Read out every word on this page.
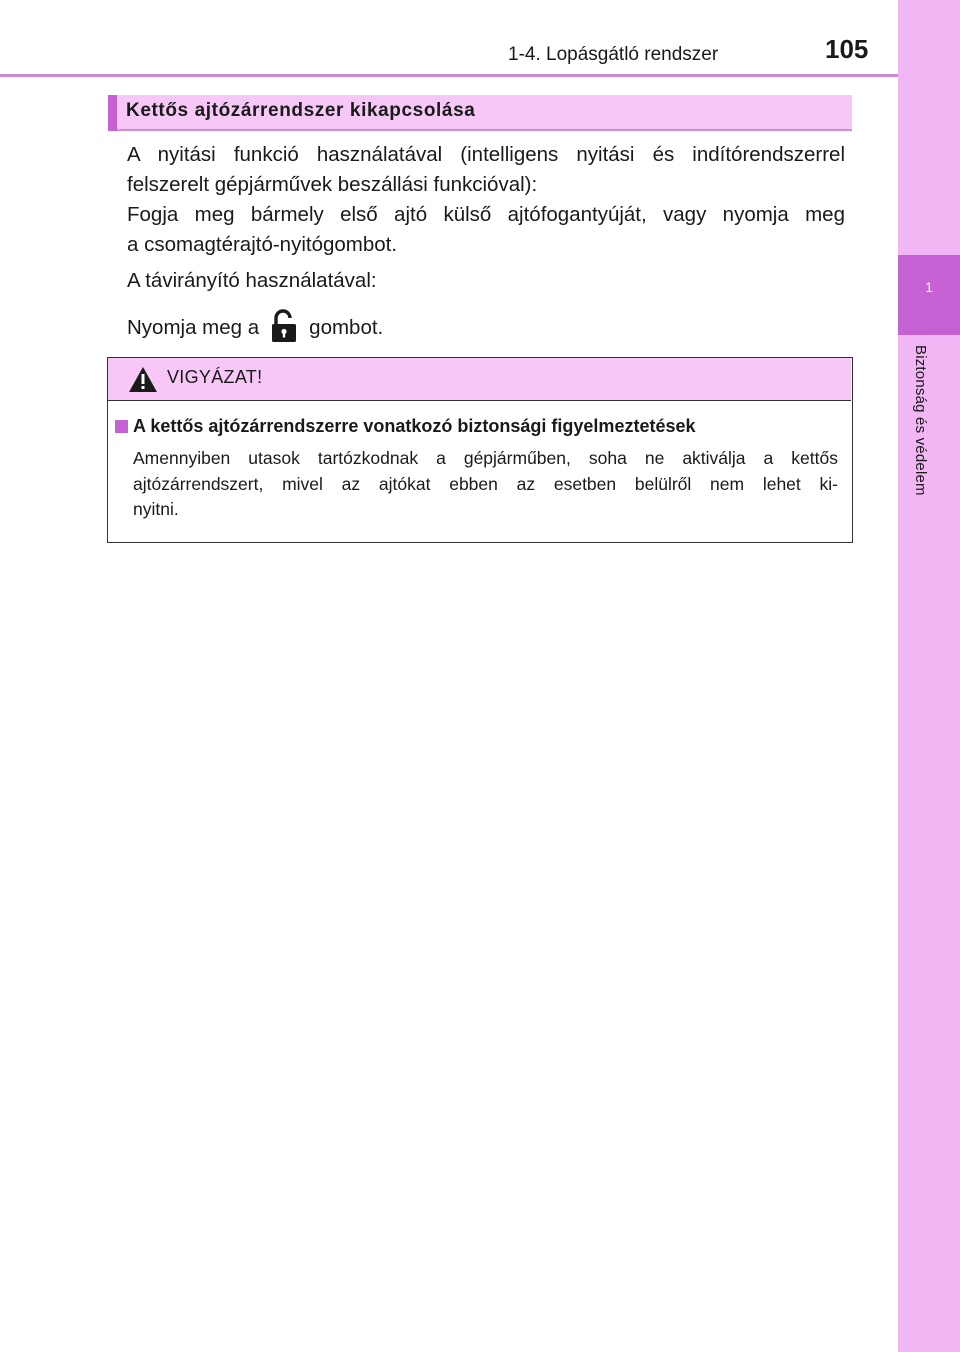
1
Biztonság és védelem
1-4. Lopásgátló rendszer	105
Kettős ajtózárrendszer kikapcsolása
A nyitási funkció használatával (intelligens nyitási és indítórendszerrel
felszerelt gépjárművek beszállási funkcióval):
Fogja meg bármely első ajtó külső ajtófogantyúját, vagy nyomja meg
a csomagtérajtó-nyitógombot.
A távirányító használatával:
Nyomja meg a gombot.
VIGYÁZAT!
A kettős ajtózárrendszerre vonatkozó biztonsági figyelmeztetések
Amennyiben utasok tartózkodnak a gépjárműben, soha ne aktiválja a kettős
ajtózárrendszert, mivel az ajtókat ebben az esetben belülről nem lehet ki-
nyitni.
